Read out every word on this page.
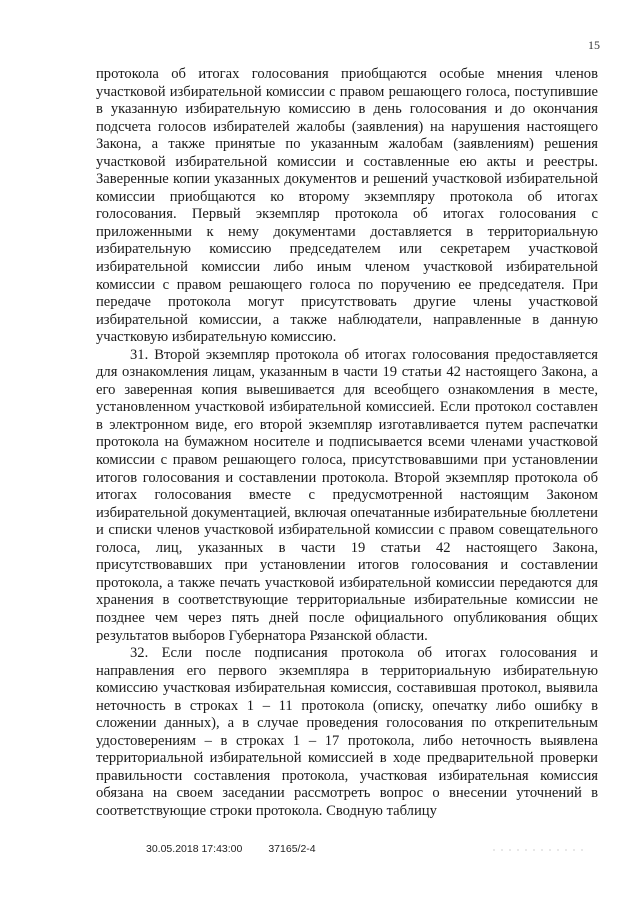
15

протокола об итогах голосования приобщаются особые мнения членов участковой избирательной комиссии с правом решающего голоса, поступившие в указанную избирательную комиссию в день голосования и до окончания подсчета голосов избирателей жалобы (заявления) на нарушения настоящего Закона, а также принятые по указанным жалобам (заявлениям) решения участковой избирательной комиссии и составленные ею акты и реестры. Заверенные копии указанных документов и решений участковой избирательной комиссии приобщаются ко второму экземпляру протокола об итогах голосования. Первый экземпляр протокола об итогах голосования с приложенными к нему документами доставляется в территориальную избирательную комиссию председателем или секретарем участковой избирательной комиссии либо иным членом участковой избирательной комиссии с правом решающего голоса по поручению ее председателя. При передаче протокола могут присутствовать другие члены участковой избирательной комиссии, а также наблюдатели, направленные в данную участковую избирательную комиссию.

31. Второй экземпляр протокола об итогах голосования предоставляется для ознакомления лицам, указанным в части 19 статьи 42 настоящего Закона, а его заверенная копия вывешивается для всеобщего ознакомления в месте, установленном участковой избирательной комиссией. Если протокол составлен в электронном виде, его второй экземпляр изготавливается путем распечатки протокола на бумажном носителе и подписывается всеми членами участковой комиссии с правом решающего голоса, присутствовавшими при установлении итогов голосования и составлении протокола. Второй экземпляр протокола об итогах голосования вместе с предусмотренной настоящим Законом избирательной документацией, включая опечатанные избирательные бюллетени и списки членов участковой избирательной комиссии с правом совещательного голоса, лиц, указанных в части 19 статьи 42 настоящего Закона, присутствовавших при установлении итогов голосования и составлении протокола, а также печать участковой избирательной комиссии передаются для хранения в соответствующие территориальные избирательные комиссии не позднее чем через пять дней после официального опубликования общих результатов выборов Губернатора Рязанской области.

32. Если после подписания протокола об итогах голосования и направления его первого экземпляра в территориальную избирательную комиссию участковая избирательная комиссия, составившая протокол, выявила неточность в строках 1 – 11 протокола (описку, опечатку либо ошибку в сложении данных), а в случае проведения голосования по открепительным удостоверениям – в строках 1 – 17 протокола, либо неточность выявлена территориальной избирательной комиссией в ходе предварительной проверки правильности составления протокола, участковая избирательная комиссия обязана на своем заседании рассмотреть вопрос о внесении уточнений в соответствующие строки протокола. Сводную таблицу

30.05.2018 17:43:00 37165/2-4
